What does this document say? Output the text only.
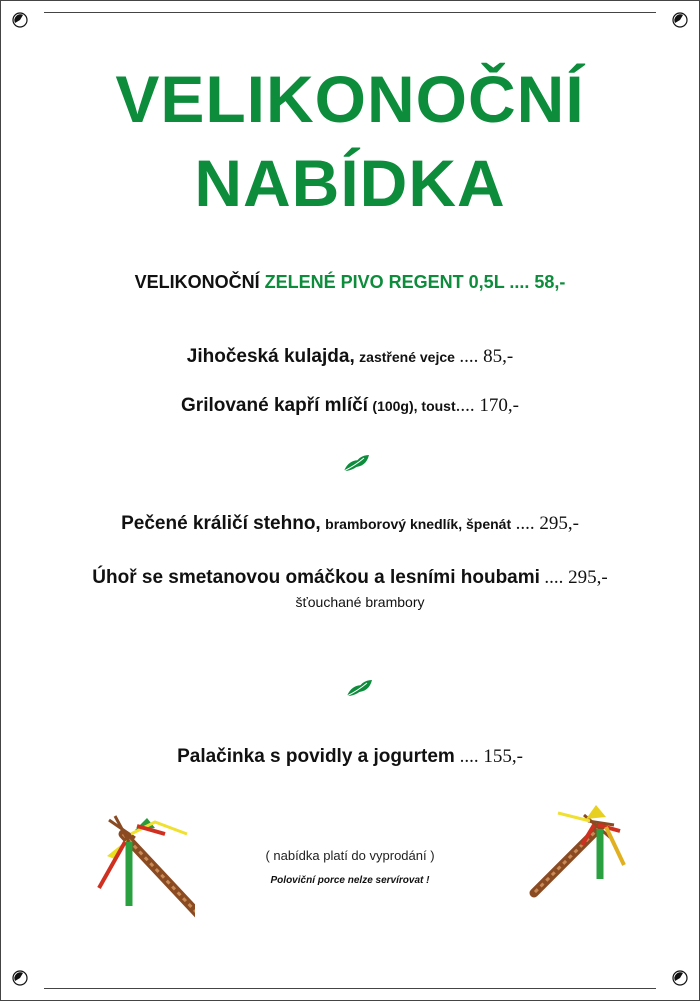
VELIKONOČNÍ
NABÍDKA
VELIKONOČNÍ ZELENÉ PIVO REGENT 0,5L .... 58,-
Jihočeská kulajda, zastřené vejce .... 85,-
Grilované kapří mlíčí (100g), toust.... 170,-
Pečené králičí stehno, bramborový knedlík, špenát .... 295,-
Úhoř se smetanovou omáčkou a lesními houbami .... 295,-
šťouchané brambory
Palačinka s povidly a jogurtem .... 155,-
( nabídka platí do vyprodání )
Poloviční porce nelze servírovat !
